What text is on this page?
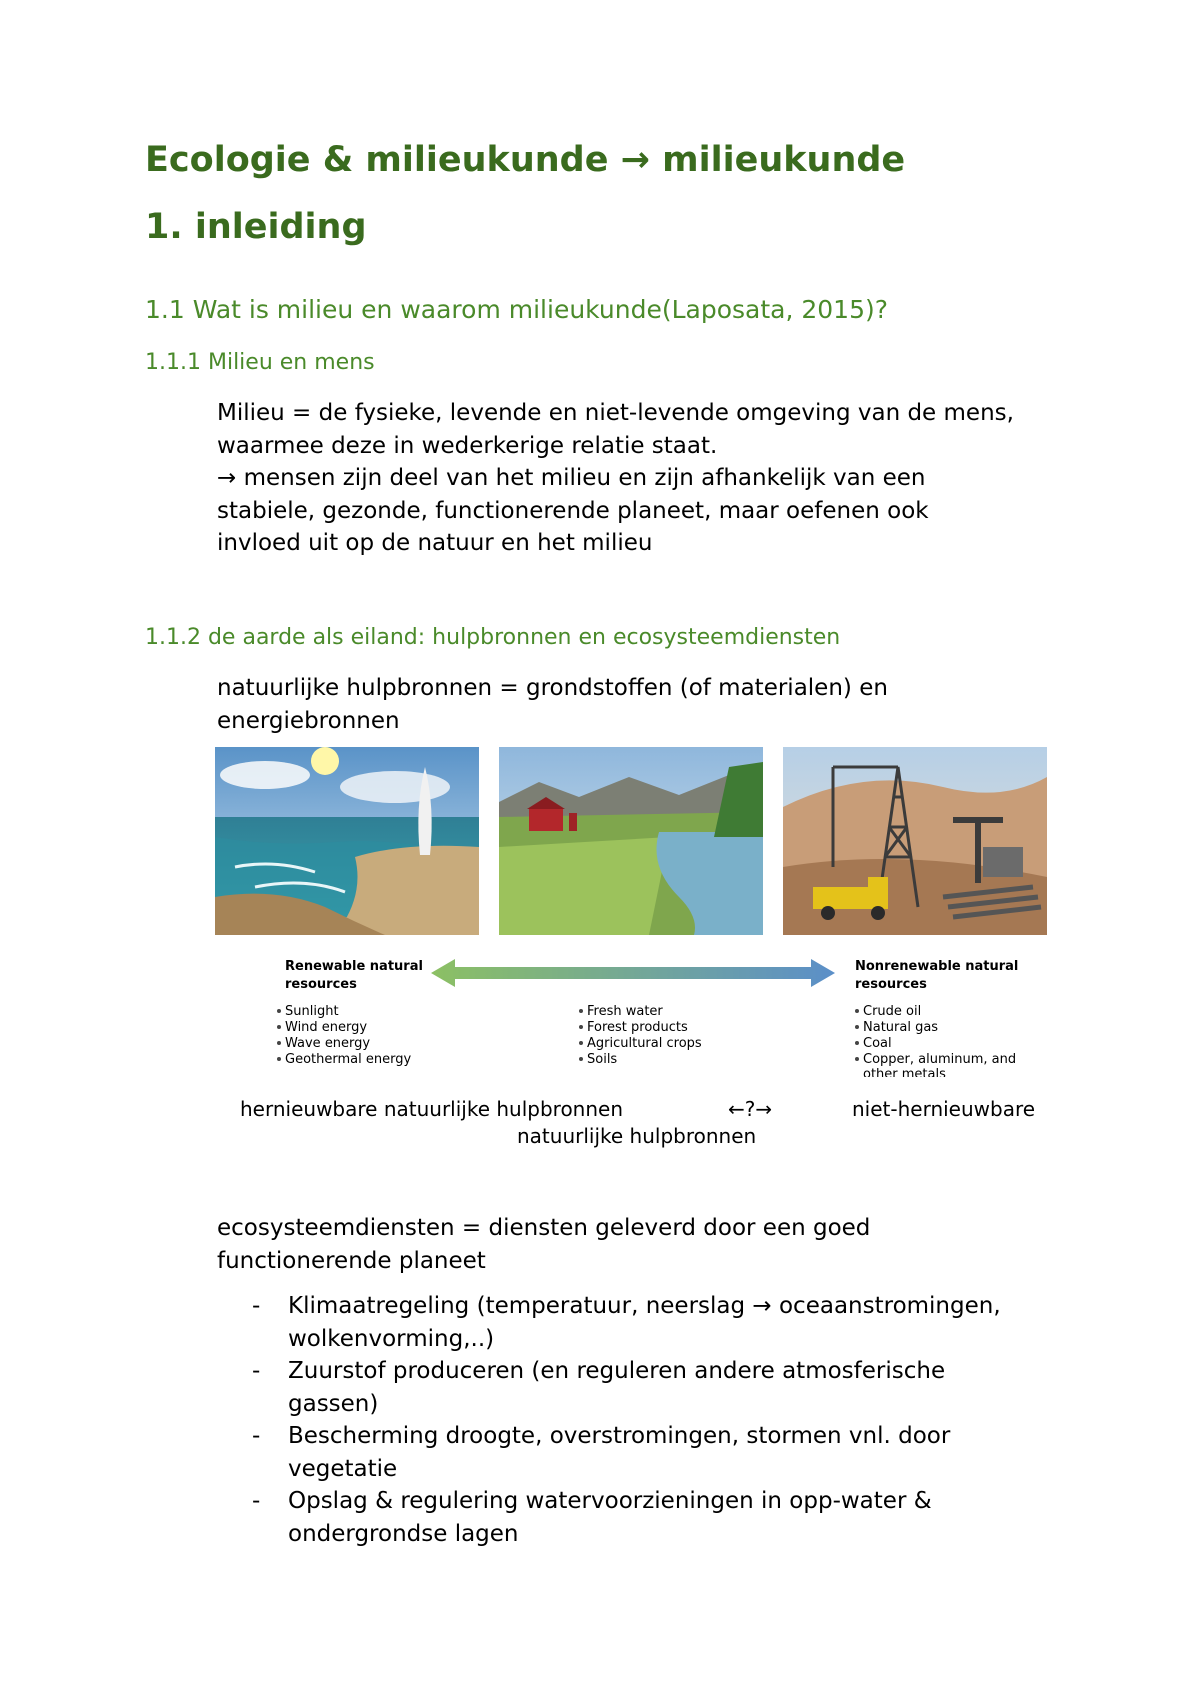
Ecologie & milieukunde → milieukunde
1. inleiding
1.1 Wat is milieu en waarom milieukunde(Laposata, 2015)?
1.1.1 Milieu en mens
Milieu = de fysieke, levende en niet-levende omgeving van de mens,
waarmee deze in wederkerige relatie staat.
→ mensen zijn deel van het milieu en zijn afhankelijk van een
stabiele, gezonde, functionerende planeet, maar oefenen ook
invloed uit op de natuur en het milieu
1.1.2 de aarde als eiland: hulpbronnen en ecosysteemdiensten
natuurlijke hulpbronnen = grondstoffen (of materialen) en
energiebronnen
Renewable natural
resources
Sunlight
Wind energy
Wave energy
Geothermal energy
Fresh water
Forest products
Agricultural crops
Soils
Nonrenewable natural
resources
Crude oil
Natural gas
Coal
Copper, aluminum, and
other metals
hernieuwbare natuurlijke hulpbronnen	←?→	niet-hernieuwbare
natuurlijke hulpbronnen
ecosysteemdiensten = diensten geleverd door een goed
functionerende planeet
- Klimaatregeling (temperatuur, neerslag → oceaanstromingen,
wolkenvorming,..)
- Zuurstof produceren (en reguleren andere atmosferische
gassen)
- Bescherming droogte, overstromingen, stormen vnl. door
vegetatie
- Opslag & regulering watervoorzieningen in opp-water &
ondergrondse lagen
